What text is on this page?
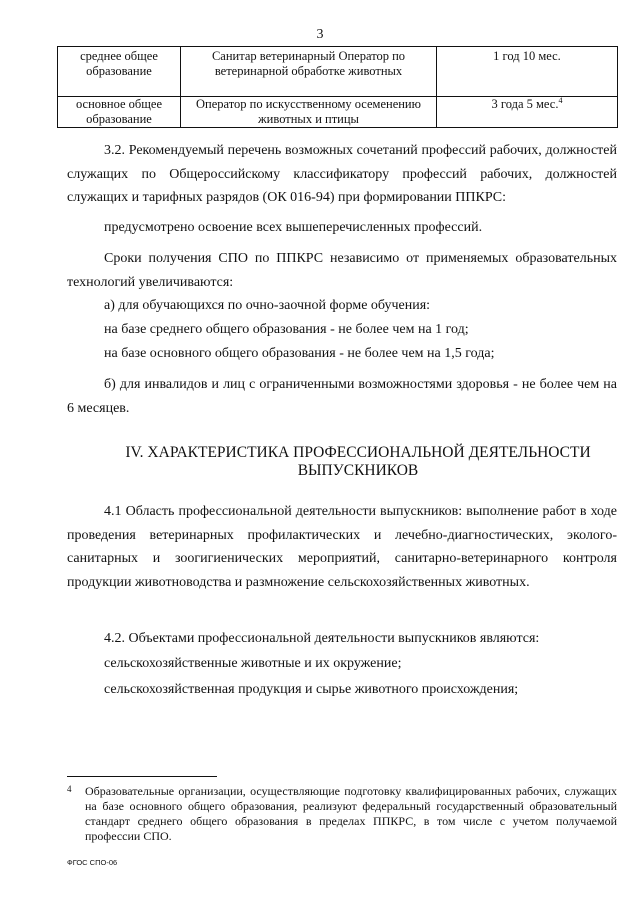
3
среднее общее образование	Санитар ветеринарный Оператор по ветеринарной обработке животных	1 год 10 мес.
основное общее образование	Оператор по искусственному осеменению животных и птицы	3 года 5 мес.$^4$

3.2. Рекомендуемый перечень возможных сочетаний профессий рабочих, должностей служащих по Общероссийскому классификатору профессий рабочих, должностей служащих и тарифных разрядов (ОК 016-94) при формировании ППКРС:

предусмотрено освоение всех вышеперечисленных профессий.

Сроки получения СПО по ППКРС независимо от применяемых образовательных технологий увеличиваются:

а) для обучающихся по очно-заочной форме обучения:

на базе среднего общего образования - не более чем на 1 год;

на базе основного общего образования - не более чем на 1,5 года;

б) для инвалидов и лиц с ограниченными возможностями здоровья - не более чем на 6 месяцев.

IV. ХАРАКТЕРИСТИКА ПРОФЕССИОНАЛЬНОЙ ДЕЯТЕЛЬНОСТИ ВЫПУСКНИКОВ

4.1 Область профессиональной деятельности выпускников: выполнение работ в ходе проведения ветеринарных профилактических и лечебно-диагностических, эколого-санитарных и зоогигиенических мероприятий, санитарно-ветеринарного контроля продукции животноводства и размножение сельскохозяйственных животных.

4.2. Объектами профессиональной деятельности выпускников являются:

сельскохозяйственные животные и их окружение;

сельскохозяйственная продукция и сырье животного происхождения;

4	Образовательные организации, осуществляющие подготовку квалифицированных рабочих, служащих на базе основного общего образования, реализуют федеральный государственный образовательный стандарт среднего общего образования в пределах ППКРС, в том числе с учетом получаемой профессии СПО.

ФГОС СПО-06
